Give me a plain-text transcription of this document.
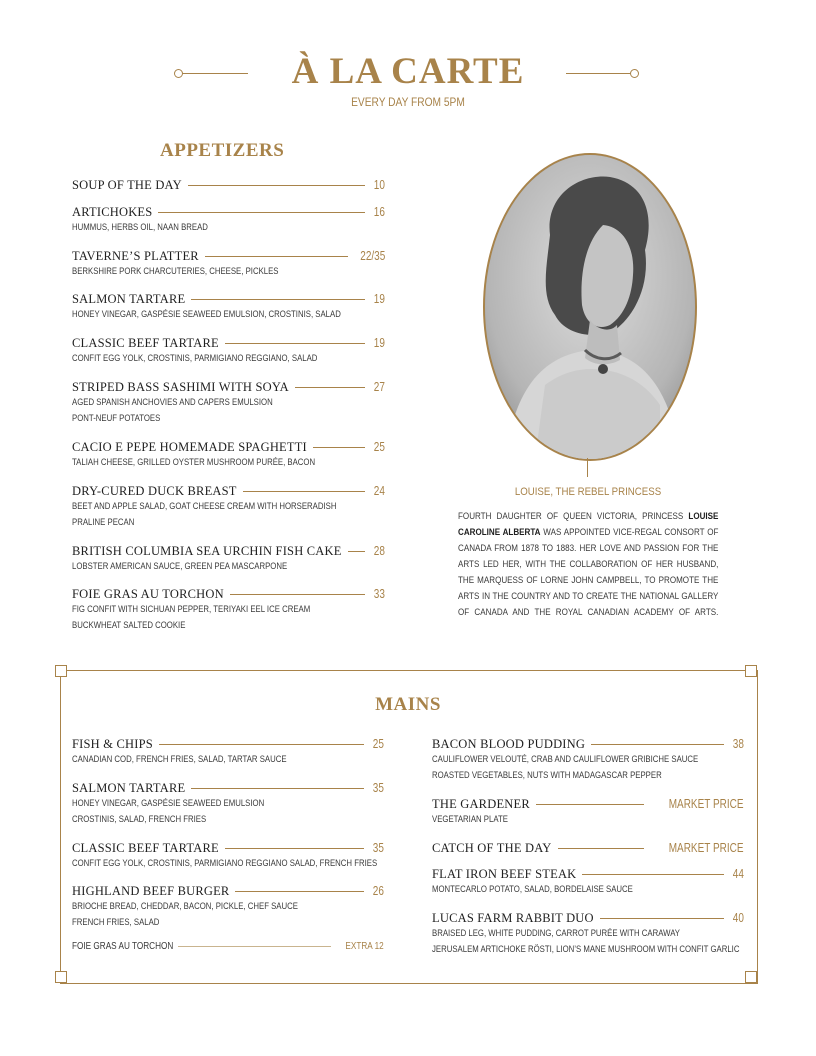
À LA CARTE
EVERY DAY FROM 5PM
APPETIZERS
LOUISE, THE REBEL PRINCESS
FOURTH DAUGHTER OF QUEEN VICTORIA, PRINCESS LOUISE
CAROLINE ALBERTA WAS APPOINTED VICE-REGAL CONSORT OF
CANADA FROM 1878 TO 1883. HER LOVE AND PASSION FOR THE
ARTS LED HER, WITH THE COLLABORATION OF HER HUSBAND,
THE MARQUESS OF LORNE JOHN CAMPBELL, TO PROMOTE THE
ARTS IN THE COUNTRY AND TO CREATE THE NATIONAL GALLERY
OF CANADA AND THE ROYAL CANADIAN ACADEMY OF ARTS.
MAINS
SOUP OF THE DAY	10
ARTICHOKES	16
HUMMUS, HERBS OIL, NAAN BREAD
TAVERNE’S PLATTER	22/35
BERKSHIRE PORK CHARCUTERIES, CHEESE, PICKLES
SALMON TARTARE	19
HONEY VINEGAR, GASPÉSIE SEAWEED EMULSION, CROSTINIS, SALAD
CLASSIC BEEF TARTARE	19
CONFIT EGG YOLK, CROSTINIS, PARMIGIANO REGGIANO, SALAD
STRIPED BASS SASHIMI WITH SOYA	27
AGED SPANISH ANCHOVIES AND CAPERS EMULSION
PONT-NEUF POTATOES
CACIO E PEPE HOMEMADE SPAGHETTI	25
TALIAH CHEESE, GRILLED OYSTER MUSHROOM PURÉE, BACON
DRY-CURED DUCK BREAST	24
BEET AND APPLE SALAD, GOAT CHEESE CREAM WITH HORSERADISH
PRALINE PECAN
BRITISH COLUMBIA SEA URCHIN FISH CAKE	28
LOBSTER AMERICAN SAUCE, GREEN PEA MASCARPONE
FOIE GRAS AU TORCHON	33
FIG CONFIT WITH SICHUAN PEPPER, TERIYAKI EEL ICE CREAM
BUCKWHEAT SALTED COOKIE
FISH & CHIPS	25
CANADIAN COD, FRENCH FRIES, SALAD, TARTAR SAUCE
SALMON TARTARE	35
HONEY VINEGAR, GASPÉSIE SEAWEED EMULSION
CROSTINIS, SALAD, FRENCH FRIES
CLASSIC BEEF TARTARE	35
CONFIT EGG YOLK, CROSTINIS, PARMIGIANO REGGIANO SALAD, FRENCH FRIES
HIGHLAND BEEF BURGER	26
BRIOCHE BREAD, CHEDDAR, BACON, PICKLE, CHEF SAUCE
FRENCH FRIES, SALAD
FOIE GRAS AU TORCHON	EXTRA 12
BACON BLOOD PUDDING	38
CAULIFLOWER VELOUTÉ, CRAB AND CAULIFLOWER GRIBICHE SAUCE
ROASTED VEGETABLES, NUTS WITH MADAGASCAR PEPPER
THE GARDENER	MARKET PRICE
VEGETARIAN PLATE
CATCH OF THE DAY	MARKET PRICE
FLAT IRON BEEF STEAK	44
MONTECARLO POTATO, SALAD, BORDELAISE SAUCE
LUCAS FARM RABBIT DUO	40
BRAISED LEG, WHITE PUDDING, CARROT PURÉE WITH CARAWAY
JERUSALEM ARTICHOKE RÖSTI, LION’S MANE MUSHROOM WITH CONFIT GARLIC
